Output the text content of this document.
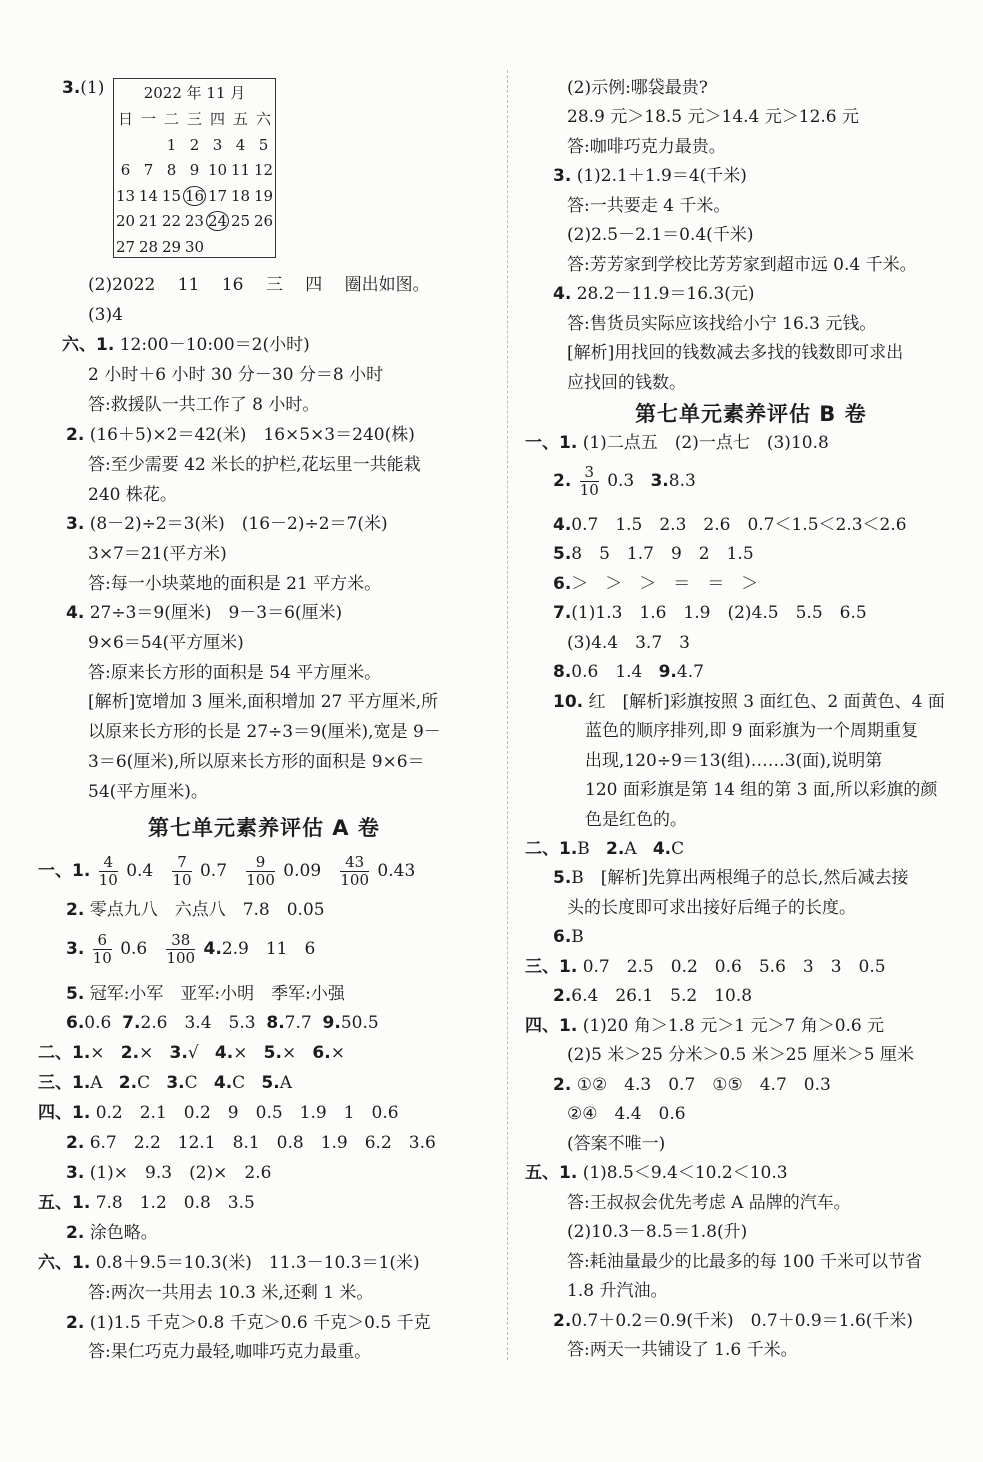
3.(1)	2022 年 11 月
日 一 二 三 四 五 六
1 2 3 4 5
6 7 8 9 10 11 12
13 14 15 16 17 18 19
20 21 22 23 24 25 26
27 28 29 30
(2)2022　 11　 16　 三　 四　 圈出如图。
(3)4
六、1. 12:00－10:00＝2(小时)
2 小时＋6 小时 30 分－30 分＝8 小时
答:救援队一共工作了 8 小时。
2. (16＋5)×2＝42(米)　16×5×3＝240(株)
答:至少需要 42 米长的护栏,花坛里一共能栽
240 株花。
3. (8－2)÷2＝3(米)　(16－2)÷2＝7(米)
3×7＝21(平方米)
答:每一小块菜地的面积是 21 平方米。
4. 27÷3＝9(厘米)　9－3＝6(厘米)
9×6＝54(平方厘米)
答:原来长方形的面积是 54 平方厘米。
[解析]宽增加 3 厘米,面积增加 27 平方厘米,所
以原来长方形的长是 27÷3＝9(厘米),宽是 9－
3＝6(厘米),所以原来长方形的面积是 9×6＝
54(平方厘米)。
第七单元素养评估 A 卷
一、1. $\frac{4}{10} 0.4 \frac{7}{10} 0.7 \frac{9}{100} 0.09 \frac{43}{100} 0.43$
2. 零点九八　六点八　7.8　0.05
3. $\frac{6}{10} 0.6 \frac{38}{100} 4.2.9$　11　6
5. 冠军:小军　亚军:小明　季军:小强
6.0.6 7.2.6　3.4　5.3 8.7.7 9.50.5
二、1.× 2.× 3.√ 4.× 5.× 6.×
三、1.A 2.C 3.C 4.C 5.A
四、1. 0.2　2.1　0.2　9　0.5　1.9　1　0.6
2. 6.7　2.2　12.1　8.1　0.8　1.9　6.2　3.6
3. (1)×　9.3　(2)×　2.6
五、1. 7.8　1.2　0.8　3.5
2. 涂色略。
六、1. 0.8＋9.5＝10.3(米)　11.3－10.3＝1(米)
答:两次一共用去 10.3 米,还剩 1 米。
2. (1)1.5 千克＞0.8 千克＞0.6 千克＞0.5 千克
答:果仁巧克力最轻,咖啡巧克力最重。
(2)示例:哪袋最贵?
28.9 元＞18.5 元＞14.4 元＞12.6 元
答:咖啡巧克力最贵。
3. (1)2.1＋1.9＝4(千米)
答:一共要走 4 千米。
(2)2.5－2.1＝0.4(千米)
答:芳芳家到学校比芳芳家到超市远 0.4 千米。
4. 28.2－11.9＝16.3(元)
答:售货员实际应该找给小宁 16.3 元钱。
[解析]用找回的钱数减去多找的钱数即可求出
应找回的钱数。
第七单元素养评估 B 卷
一、1. (1)二点五　(2)一点七　(3)10.8
2. $\frac{3}{10} 0.3$ 3.8.3
4.0.7　1.5　2.3　2.6　0.7＜1.5＜2.3＜2.6
5.8　5　1.7　9　2　1.5
6.＞　＞　＞　＝　＝　＞
7.(1)1.3　1.6　1.9　(2)4.5　5.5　6.5
(3)4.4　3.7　3
8.0.6　1.4 9.4.7
10. 红　[解析]彩旗按照 3 面红色、2 面黄色、4 面
蓝色的顺序排列,即 9 面彩旗为一个周期重复
出现,120÷9＝13(组)……3(面),说明第
120 面彩旗是第 14 组的第 3 面,所以彩旗的颜
色是红色的。
二、1.B 2.A 4.C
5.B　[解析]先算出两根绳子的总长,然后减去接
头的长度即可求出接好后绳子的长度。
6.B
三、1. 0.7　2.5　0.2　0.6　5.6　3　3　0.5
2.6.4　26.1　5.2　10.8
四、1. (1)20 角＞1.8 元＞1 元＞7 角＞0.6 元
(2)5 米＞25 分米＞0.5 米＞25 厘米＞5 厘米
2. ①②　4.3　0.7　①⑤　4.7　0.3
②④　4.4　0.6
(答案不唯一)
五、1. (1)8.5＜9.4＜10.2＜10.3
答:王叔叔会优先考虑 A 品牌的汽车。
(2)10.3－8.5＝1.8(升)
答:耗油量最少的比最多的每 100 千米可以节省
1.8 升汽油。
2.0.7＋0.2＝0.9(千米)　0.7＋0.9＝1.6(千米)
答:两天一共铺设了 1.6 千米。
